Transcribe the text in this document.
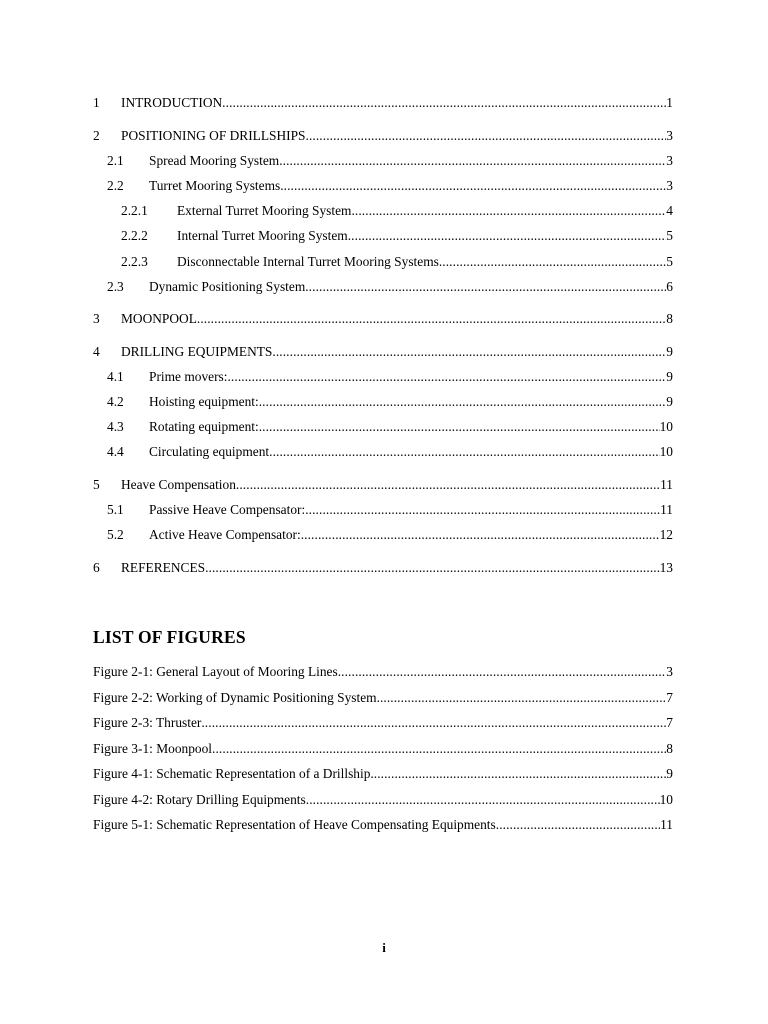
1	INTRODUCTION .....	1
2	POSITIONING OF DRILLSHIPS .....	3
2.1	Spread Mooring System .....	3
2.2	Turret Mooring Systems .....	3
2.2.1	External Turret Mooring System .....	4
2.2.2	Internal Turret Mooring System .....	5
2.2.3	Disconnectable Internal Turret Mooring Systems .....	5
2.3	Dynamic Positioning System .....	6
3	MOONPOOL .....	8
4	DRILLING EQUIPMENTS .....	9
4.1	Prime movers: .....	9
4.2	Hoisting equipment: .....	9
4.3	Rotating equipment: .....	10
4.4	Circulating equipment .....	10
5	Heave Compensation .....	11
5.1	Passive Heave Compensator: .....	11
5.2	Active Heave Compensator: .....	12
6	REFERENCES .....	13
LIST OF FIGURES
Figure 2-1: General Layout of Mooring Lines .....	3
Figure 2-2: Working of Dynamic Positioning System. .....	7
Figure 2-3: Thruster .....	7
Figure 3-1: Moonpool .....	8
Figure 4-1: Schematic Representation of a Drillship. .....	9
Figure 4-2: Rotary Drilling Equipments .....	10
Figure 5-1: Schematic Representation of Heave Compensating Equipments .....	11
i
